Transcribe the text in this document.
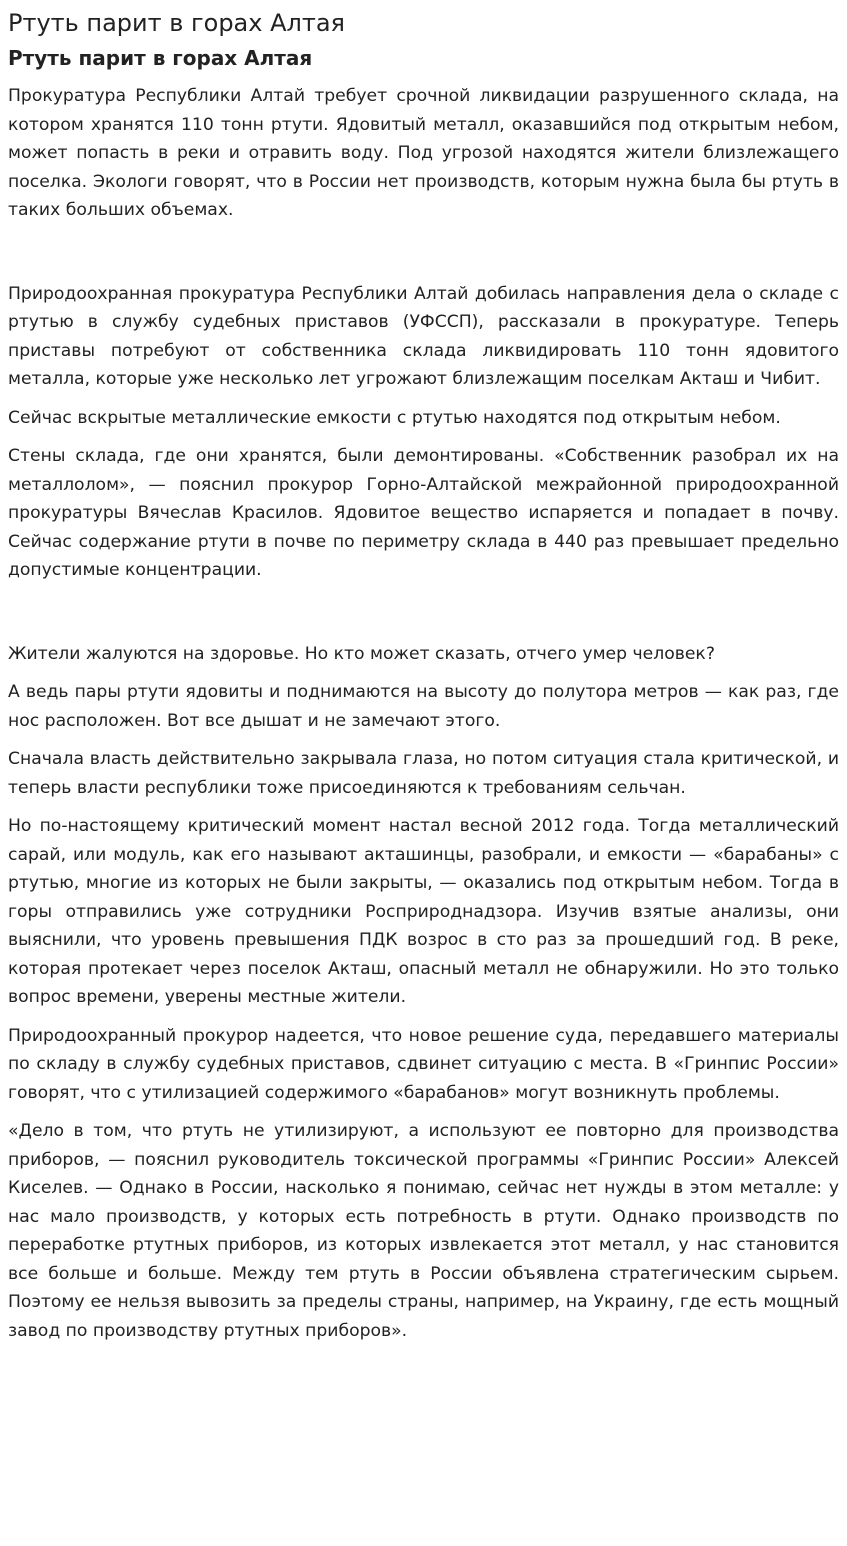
Ртуть парит в горах Алтая
Ртуть парит в горах Алтая

Прокуратура Республики Алтай требует срочной ликвидации разрушенного склада, на котором хранятся 110 тонн ртути. Ядовитый металл, оказавшийся под открытым небом, может попасть в реки и отравить воду. Под угрозой находятся жители близлежащего поселка. Экологи говорят, что в России нет производств, которым нужна была бы ртуть в таких больших объемах.

Природоохранная прокуратура Республики Алтай добилась направления дела о складе с ртутью в службу судебных приставов (УФССП), рассказали в прокуратуре. Теперь приставы потребуют от собственника склада ликвидировать 110 тонн ядовитого металла, которые уже несколько лет угрожают близлежащим поселкам Акташ и Чибит.

Сейчас вскрытые металлические емкости с ртутью находятся под открытым небом.

Стены склада, где они хранятся, были демонтированы. «Собственник разобрал их на металлолом», — пояснил прокурор Горно-Алтайской межрайонной природоохранной прокуратуры Вячеслав Красилов. Ядовитое вещество испаряется и попадает в почву. Сейчас содержание ртути в почве по периметру склада в 440 раз превышает предельно допустимые концентрации.

Жители жалуются на здоровье. Но кто может сказать, отчего умер человек?

А ведь пары ртути ядовиты и поднимаются на высоту до полутора метров — как раз, где нос расположен. Вот все дышат и не замечают этого.

Сначала власть действительно закрывала глаза, но потом ситуация стала критической, и теперь власти республики тоже присоединяются к требованиям сельчан.

Но по-настоящему критический момент настал весной 2012 года. Тогда металлический сарай, или модуль, как его называют акташинцы, разобрали, и емкости — «барабаны» с ртутью, многие из которых не были закрыты, — оказались под открытым небом. Тогда в горы отправились уже сотрудники Росприроднадзора. Изучив взятые анализы, они выяснили, что уровень превышения ПДК возрос в сто раз за прошедший год. В реке, которая протекает через поселок Акташ, опасный металл не обнаружили. Но это только вопрос времени, уверены местные жители.

Природоохранный прокурор надеется, что новое решение суда, передавшего материалы по складу в службу судебных приставов, сдвинет ситуацию с места. В «Гринпис России» говорят, что с утилизацией содержимого «барабанов» могут возникнуть проблемы.

«Дело в том, что ртуть не утилизируют, а используют ее повторно для производства приборов, — пояснил руководитель токсической программы «Гринпис России» Алексей Киселев. — Однако в России, насколько я понимаю, сейчас нет нужды в этом металле: у нас мало производств, у которых есть потребность в ртути. Однако производств по переработке ртутных приборов, из которых извлекается этот металл, у нас становится все больше и больше. Между тем ртуть в России объявлена стратегическим сырьем. Поэтому ее нельзя вывозить за пределы страны, например, на Украину, где есть мощный завод по производству ртутных приборов».
